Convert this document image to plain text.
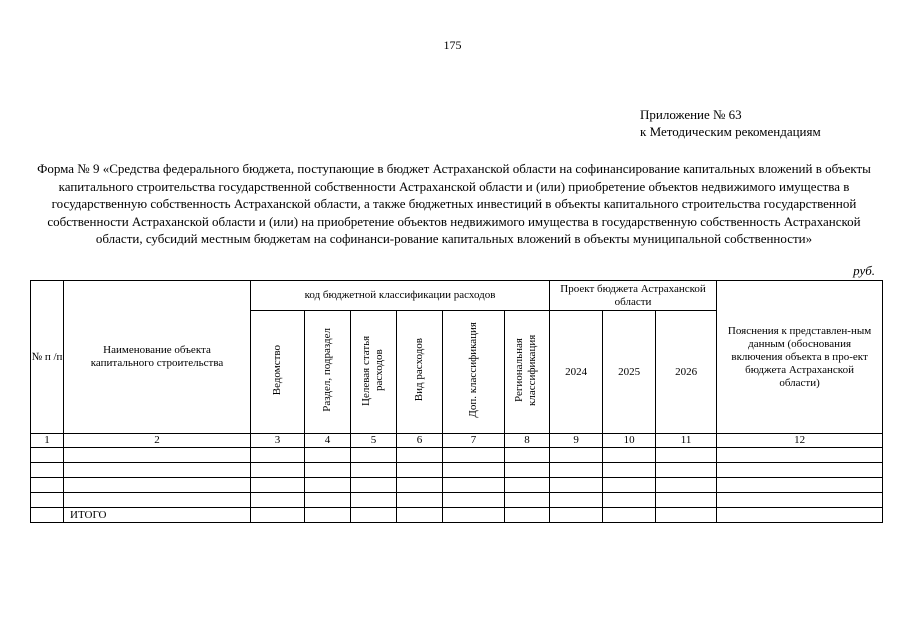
175
Приложение № 63
к Методическим рекомендациям
Форма № 9 «Средства федерального бюджета, поступающие в бюджет Астраханской области на софинансирование капитальных вложений в объекты капитального строительства государственной собственности Астраханской области и (или) приобретение объектов недвижимого имущества в государственную собственность Астраханской области, а также бюджетных инвестиций в объекты капитального строительства государственной собственности Астраханской области и (или) на приобретение объектов недвижимого имущества в государственную собственность Астраханской области, субсидий местным бюджетам на софинанси-рование капитальных вложений в объекты муниципальной собственности»
руб.
№ п /п	Наименование объекта капитального строительства	код бюджетной классификации расходов						Проект бюджета Астраханской области			Пояснения к представлен-ным данным (обоснования включения объекта в про-ект бюджета Астраханской области)
		Ведомство	Раздел, подраздел	Целевая статья расходов	Вид расходов	Доп. классификация	Региональная классификация	2024	2025	2026	
1	2	3	4	5	6	7	8	9	10	11	12

	ИТОГО										
